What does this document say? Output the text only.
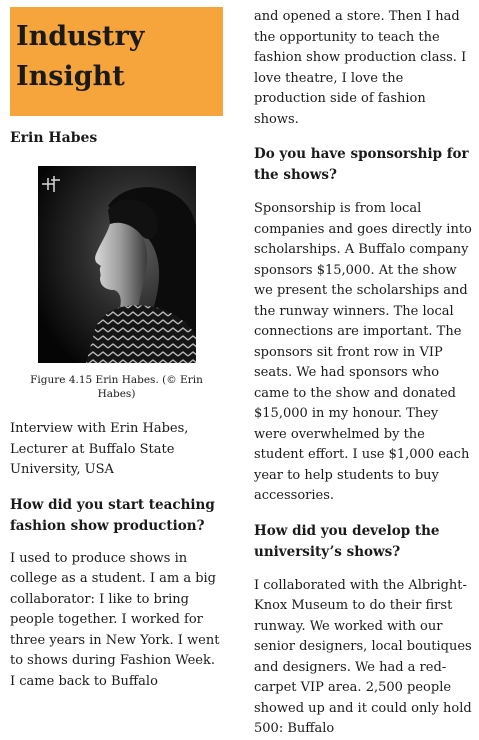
Industry
Insight
Erin Habes
Figure 4.15 Erin Habes. (© Erin Habes)

Interview with Erin Habes, Lecturer at Buffalo State University, USA

How did you start teaching fashion show production?

I used to produce shows in college as a student. I am a big collaborator: I like to bring people together. I worked for three years in New York. I went to shows during Fashion Week. I came back to Buffalo

and opened a store. Then I had the opportunity to teach the fashion show production class. I love theatre, I love the production side of fashion shows.

Do you have sponsorship for the shows?

Sponsorship is from local companies and goes directly into scholarships. A Buffalo company sponsors $15,000. At the show we present the scholarships and the runway winners. The local connections are important. The sponsors sit front row in VIP seats. We had sponsors who came to the show and donated $15,000 in my honour. They were overwhelmed by the student effort. I use $1,000 each year to help students to buy accessories.

How did you develop the university’s shows?

I collaborated with the Albright-Knox Museum to do their first runway. We worked with our senior designers, local boutiques and designers. We had a red-carpet VIP area. 2,500 people showed up and it could only hold 500: Buffalo
